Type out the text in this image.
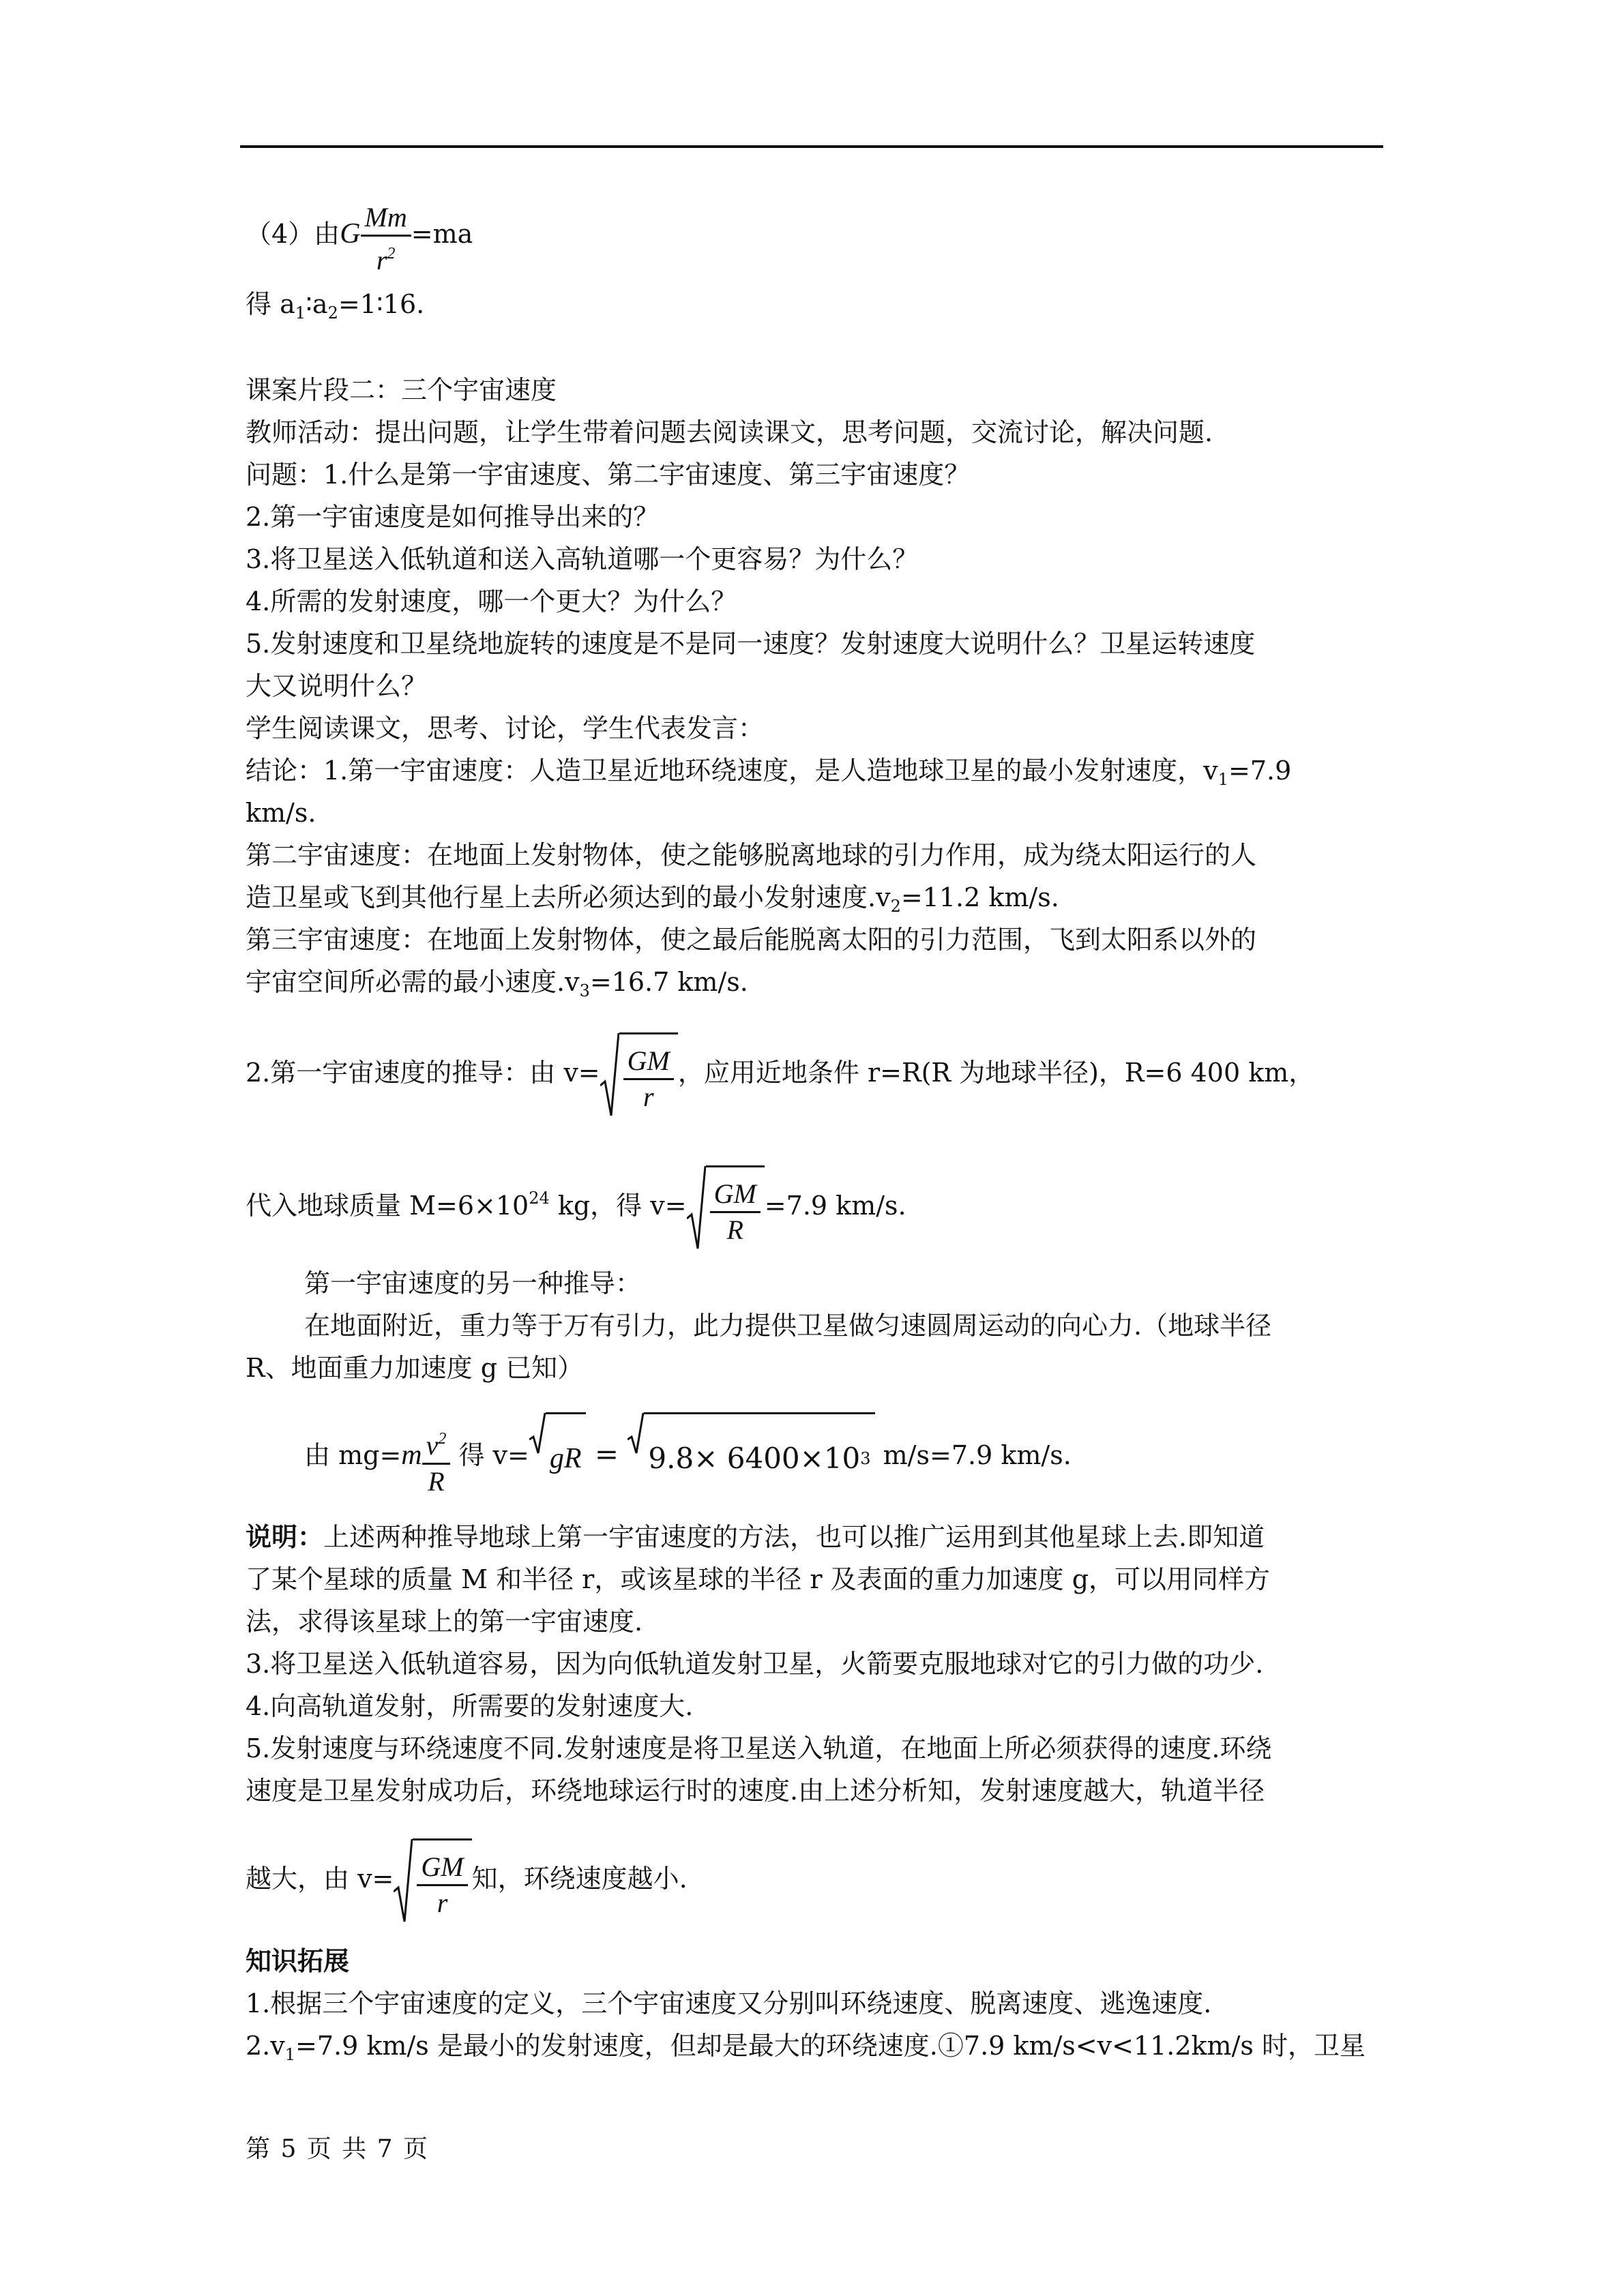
（4）由G $\frac{Mm}{r^2} =ma$
得 $a_1∶a_2=1∶16$.
课案片段二：三个宇宙速度
教师活动：提出问题，让学生带着问题去阅读课文，思考问题，交流讨论，解决问题.
问题：1.什么是第一宇宙速度、第二宇宙速度、第三宇宙速度？
2.第一宇宙速度是如何推导出来的？
3.将卫星送入低轨道和送入高轨道哪一个更容易？为什么？
4.所需的发射速度，哪一个更大？为什么？
5.发射速度和卫星绕地旋转的速度是不是同一速度？发射速度大说明什么？卫星运转速度
大又说明什么？
学生阅读课文，思考、讨论，学生代表发言：
结论：1.第一宇宙速度：人造卫星近地环绕速度，是人造地球卫星的最小发射速度，$v_1=7.9$
km/s.
第二宇宙速度：在地面上发射物体，使之能够脱离地球的引力作用，成为绕太阳运行的人
造卫星或飞到其他行星上去所必须达到的最小发射速度$.v_2=11.2$ km/s.
第三宇宙速度：在地面上发射物体，使之最后能脱离太阳的引力范围，飞到太阳系以外的
宇宙空间所必需的最小速度$.v_3=16.7$ km/s.
2.第一宇宙速度的推导：由 $v= \frac{GM}{r}$ ，应用近地条件 r=R(R 为地球半径)，R=6 400 km，
代入地球质量 $M=6\times 10^{24}$ kg，得 $v= \frac{GM}{R} =7.9$ km/s.
第一宇宙速度的另一种推导：
在地面附近，重力等于万有引力，此力提供卫星做匀速圆周运动的向心力.（地球半径
R、地面重力加速度 g 已知）
由 $mg=m \frac{v^2}{R}$ 得 v= gR = 9.8× 6400×10 3 m/s=7.9 km/s.
说明：上述两种推导地球上第一宇宙速度的方法，也可以推广运用到其他星球上去.即知道
了某个星球的质量 M 和半径 r，或该星球的半径 r 及表面的重力加速度 g，可以用同样方
法，求得该星球上的第一宇宙速度.
3.将卫星送入低轨道容易，因为向低轨道发射卫星，火箭要克服地球对它的引力做的功少.
4.向高轨道发射，所需要的发射速度大.
5.发射速度与环绕速度不同.发射速度是将卫星送入轨道，在地面上所必须获得的速度.环绕
速度是卫星发射成功后，环绕地球运行时的速度.由上述分析知，发射速度越大，轨道半径
越大，由 $v= \frac{GM}{r}$ 知，环绕速度越小.
知识拓展
1.根据三个宇宙速度的定义，三个宇宙速度又分别叫环绕速度、脱离速度、逃逸速度.
$2.v_1=7.9$ km/s 是最小的发射速度，但却是最大的环绕速度.①7.9 km/s<v<11.2km/s 时，卫星
第 5 页 共 7 页
